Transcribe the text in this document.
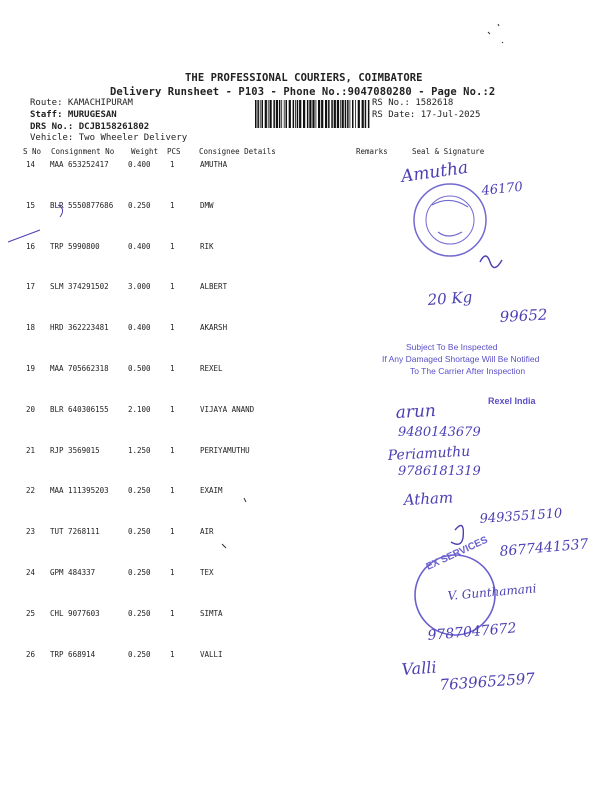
THE PROFESSIONAL COURIERS, COIMBATORE
Delivery Runsheet - P103 - Phone No.:9047080280 - Page No.:2
Route: KAMACHIPURAM
Staff: MURUGESAN
DRS No.: DCJB158261802
Vehicle: Two Wheeler Delivery
RS No.: 1582618
RS Date: 17-Jul-2025
S No Consignment No Weight PCS Consignee Details	Remarks	Seal & Signature
14 MAA 653252417	0.400	1	AMUTHA
15 BLR 5550877686 0.250	1	DMW
16 TRP 5990800	0.400	1	RIK
17 SLM 374291502	3.000	1	ALBERT
18 HRD 362223481	0.400	1	AKARSH
19 MAA 705662318	0.500	1	REXEL
20 BLR 640306155	2.100	1	VIJAYA ANAND
21 RJP 3569015	1.250	1	PERIYAMUTHU
22 MAA 111395203	0.250	1	EXAIM
23 TUT 7268111	0.250	1	AIR
24 GPM 484337	0.250	1	TEX
25 CHL 9077603	0.250	1	SIMTA
26 TRP 668914	0.250	1	VALLI
Amutha
46170
20 Kg
99652
Subject To Be Inspected
If Any Damaged Shortage Will Be Notified
To The Carrier After Inspection
Rexel India
arun
9480143679
Periamuthu
9786181319
Atham
9493551510
EX SERVICES 8677441537
V. Gunthamani
9787047672
Valli
7639652597
